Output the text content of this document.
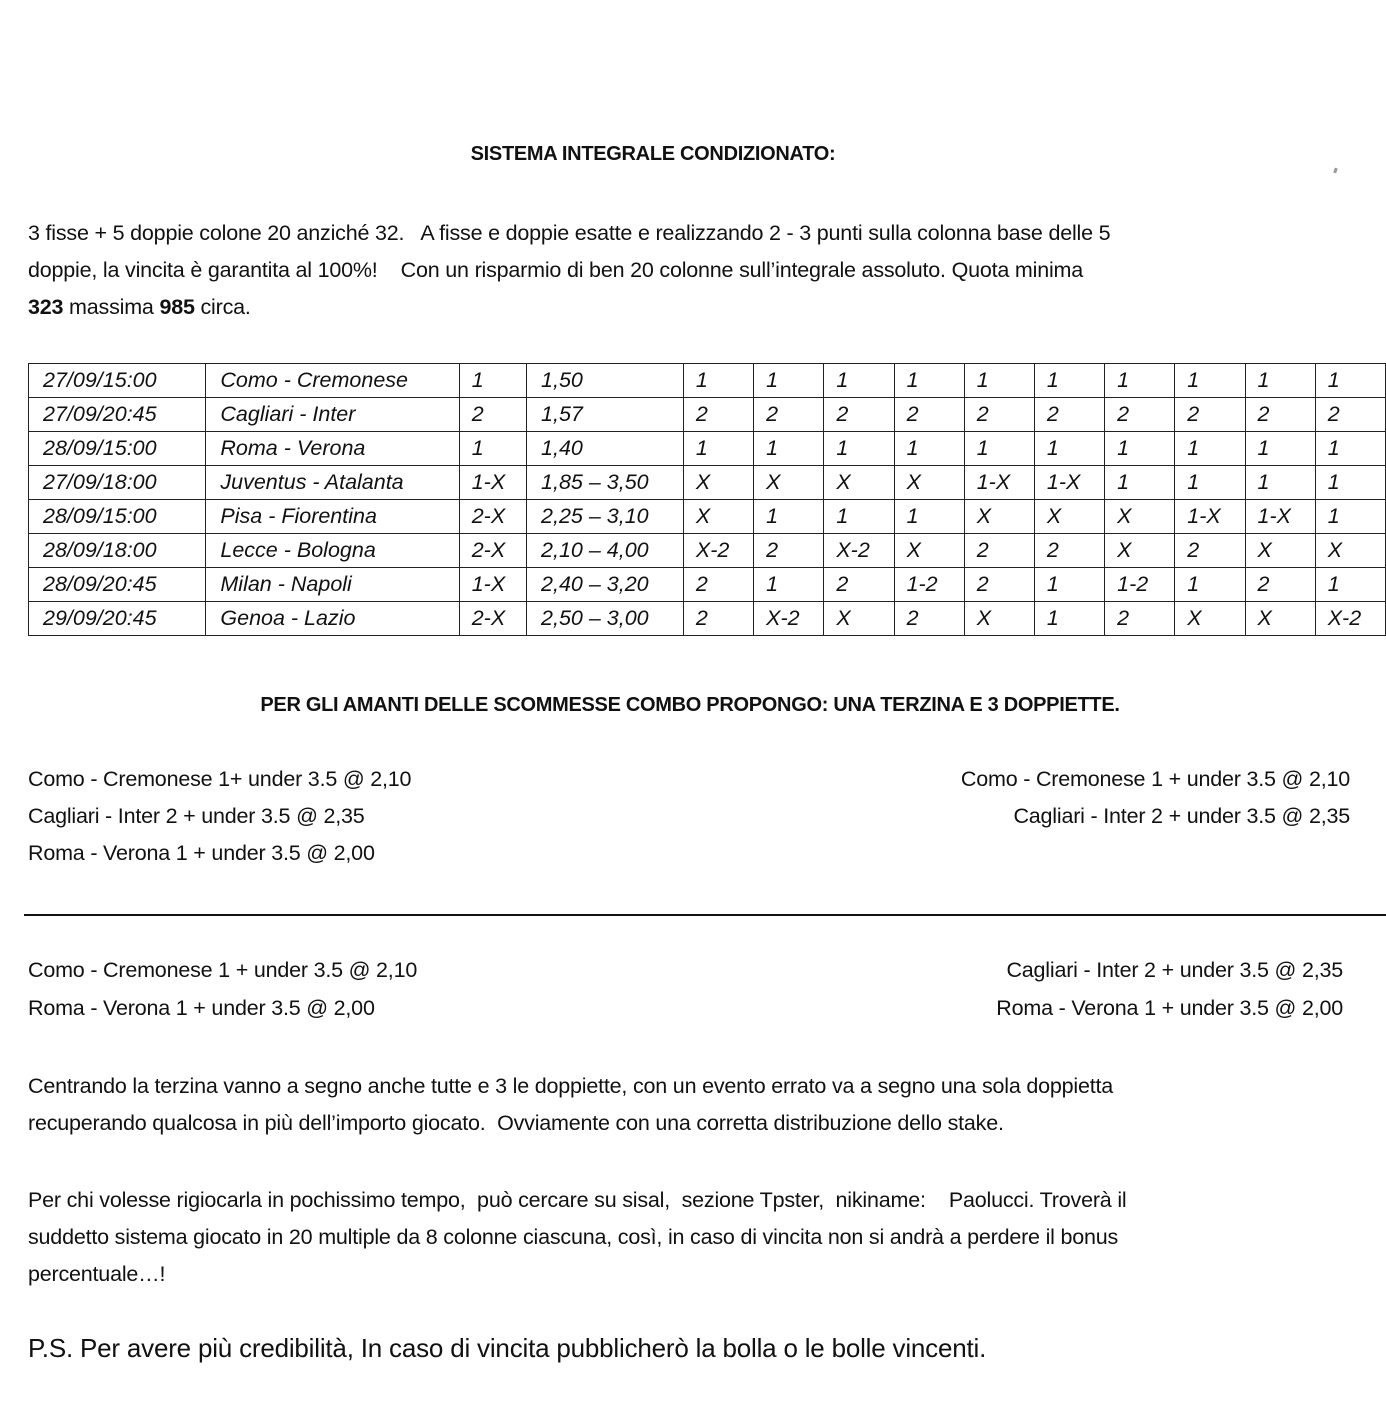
SISTEMA INTEGRALE CONDIZIONATO:
3 fisse + 5 doppie colone 20 anziché 32.   A fisse e doppie esatte e realizzando 2 - 3 punti sulla colonna base delle 5
doppie, la vincita è garantita al 100%!    Con un risparmio di ben 20 colonne sull’integrale assoluto. Quota minima
323 massima 985 circa.
27/09/15:00	Como - Cremonese	1	1,50	1	1	1	1	1	1	1	1	1	1
27/09/20:45	Cagliari - Inter	2	1,57	2	2	2	2	2	2	2	2	2	2
28/09/15:00	Roma - Verona	1	1,40	1	1	1	1	1	1	1	1	1	1
27/09/18:00	Juventus - Atalanta	1-X	1,85 – 3,50	X	X	X	X	1-X	1-X	1	1	1	1
28/09/15:00	Pisa - Fiorentina	2-X	2,25 – 3,10	X	1	1	1	X	X	X	1-X	1-X	1
28/09/18:00	Lecce - Bologna	2-X	2,10 – 4,00	X-2	2	X-2	X	2	2	X	2	X	X
28/09/20:45	Milan - Napoli	1-X	2,40 – 3,20	2	1	2	1-2	2	1	1-2	1	2	1
29/09/20:45	Genoa - Lazio	2-X	2,50 – 3,00	2	X-2	X	2	X	1	2	X	X	X-2
PER GLI AMANTI DELLE SCOMMESSE COMBO PROPONGO: UNA TERZINA E 3 DOPPIETTE.
Como - Cremonese 1+ under 3.5 @ 2,10
Cagliari - Inter 2 + under 3.5 @ 2,35
Roma - Verona 1 + under 3.5 @ 2,00
Como - Cremonese 1 + under 3.5 @ 2,10
Cagliari - Inter 2 + under 3.5 @ 2,35
Como - Cremonese 1 + under 3.5 @ 2,10
Roma - Verona 1 + under 3.5 @ 2,00
Cagliari - Inter 2 + under 3.5 @ 2,35
Roma - Verona 1 + under 3.5 @ 2,00
Centrando la terzina vanno a segno anche tutte e 3 le doppiette, con un evento errato va a segno una sola doppietta
recuperando qualcosa in più dell’importo giocato.  Ovviamente con una corretta distribuzione dello stake.
Per chi volesse rigiocarla in pochissimo tempo,  può cercare su sisal,  sezione Tpster,  nikiname:    Paolucci. Troverà il
suddetto sistema giocato in 20 multiple da 8 colonne ciascuna, così, in caso di vincita non si andrà a perdere il bonus
percentuale…!
P.S. Per avere più credibilità, In caso di vincita pubblicherò la bolla o le bolle vincenti.
